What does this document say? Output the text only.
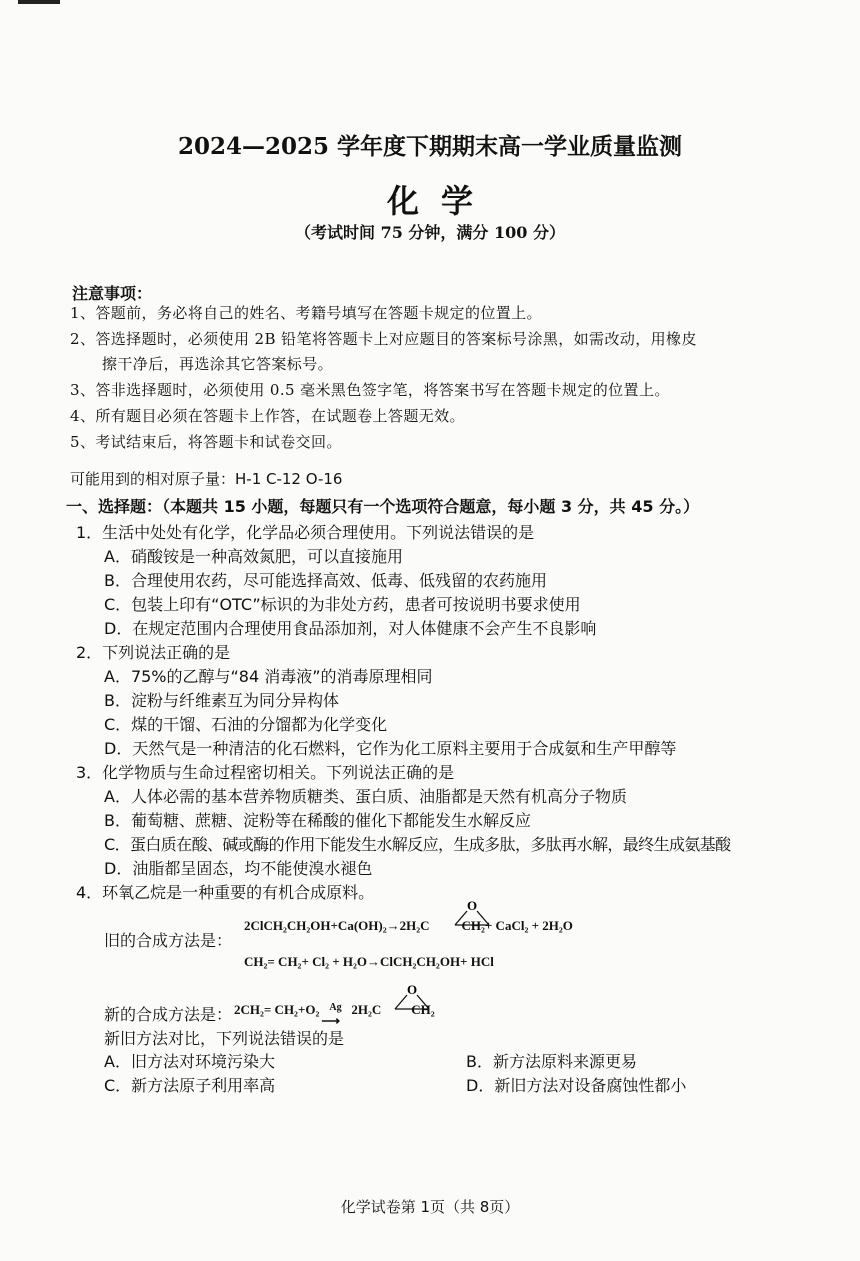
2024—2025 学年度下期期末高一学业质量监测
化学
（考试时间 75 分钟，满分 100 分）
注意事项：
1、答题前，务必将自己的姓名、考籍号填写在答题卡规定的位置上。
2、答选择题时，必须使用 2B 铅笔将答题卡上对应题目的答案标号涂黑，如需改动，用橡皮
擦干净后，再选涂其它答案标号。
3、答非选择题时，必须使用 0.5 毫米黑色签字笔，将答案书写在答题卡规定的位置上。
4、所有题目必须在答题卡上作答，在试题卷上答题无效。
5、考试结束后，将答题卡和试卷交回。
可能用到的相对原子量：H-1 C-12 O-16
一、选择题：（本题共 15 小题，每题只有一个选项符合题意，每小题 3 分，共 45 分。）
1．生活中处处有化学，化学品必须合理使用。下列说法错误的是
A．硝酸铵是一种高效氮肥，可以直接施用
B．合理使用农药，尽可能选择高效、低毒、低残留的农药施用
C．包装上印有“OTC”标识的为非处方药，患者可按说明书要求使用
D．在规定范围内合理使用食品添加剂，对人体健康不会产生不良影响
2．下列说法正确的是
A．75%的乙醇与“84 消毒液”的消毒原理相同
B．淀粉与纤维素互为同分异构体
C．煤的干馏、石油的分馏都为化学变化
D．天然气是一种清洁的化石燃料，它作为化工原料主要用于合成氨和生产甲醇等
3．化学物质与生命过程密切相关。下列说法正确的是
A．人体必需的基本营养物质糖类、蛋白质、油脂都是天然有机高分子物质
B．葡萄糖、蔗糖、淀粉等在稀酸的催化下都能发生水解反应
C．蛋白质在酸、碱或酶的作用下能发生水解反应，生成多肽，多肽再水解，最终生成氨基酸
D．油脂都呈固态，均不能使溴水褪色
4．环氧乙烷是一种重要的有机合成原料。
旧的合成方法是：
2ClCH₂CH₂OH+Ca(OH)₂→2H₂C CH₂+ CaCl₂ + 2H₂O
O
CH₂= CH₂+ Cl₂ + H₂O→ClCH₂CH₂OH+ HCl
新的合成方法是： 2CH₂= CH₂+O₂ Ag
⟶
2H₂C CH₂
O
新旧方法对比，下列说法错误的是
A．旧方法对环境污染大	B．新方法原料来源更易
C．新方法原子利用率高	D．新旧方法对设备腐蚀性都小
化学试卷第 1页（共 8页）
